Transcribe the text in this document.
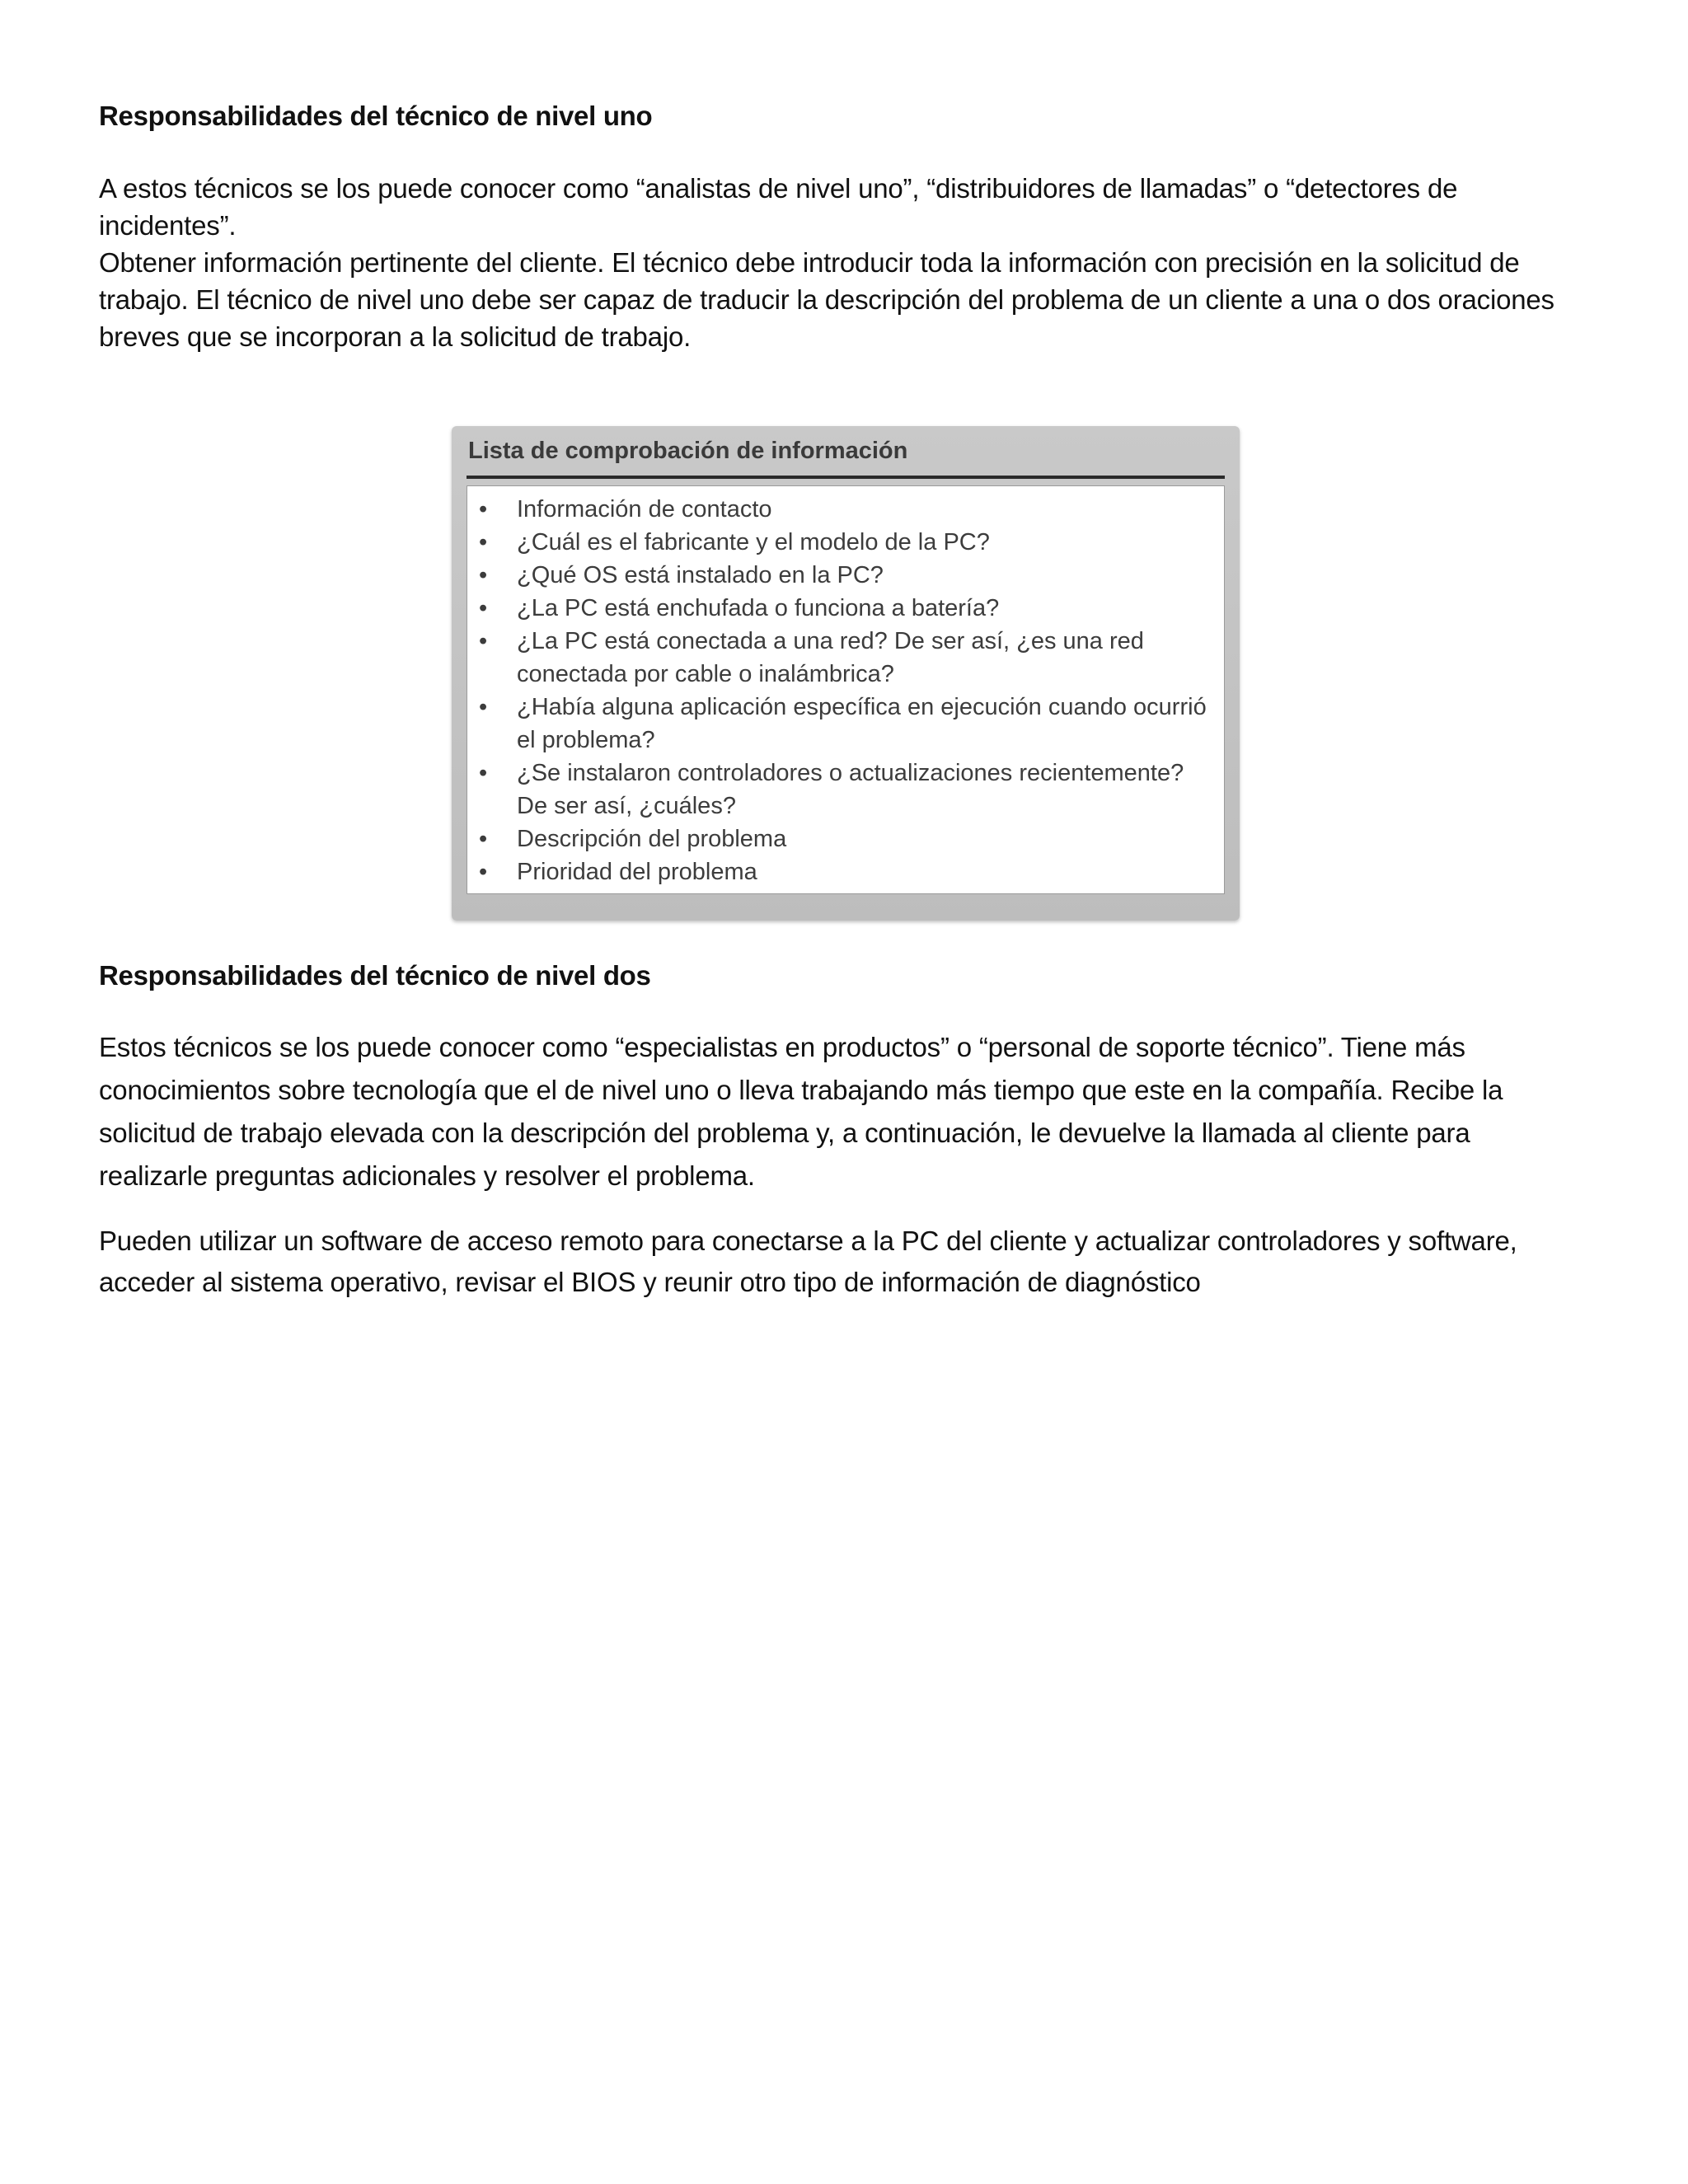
Responsabilidades del técnico de nivel uno

A estos técnicos se los puede conocer como “analistas de nivel uno”, “distribuidores de llamadas” o “detectores de incidentes”.

Obtener información pertinente del cliente. El técnico debe introducir toda la información con precisión en la solicitud de trabajo. El técnico de nivel uno debe ser capaz de traducir la descripción del problema de un cliente a una o dos oraciones breves que se incorporan a la solicitud de trabajo.

Lista de comprobación de información
• Información de contacto
• ¿Cuál es el fabricante y el modelo de la PC?
• ¿Qué OS está instalado en la PC?
• ¿La PC está enchufada o funciona a batería?
• ¿La PC está conectada a una red? De ser así, ¿es una red conectada por cable o inalámbrica?
• ¿Había alguna aplicación específica en ejecución cuando ocurrió el problema?
• ¿Se instalaron controladores o actualizaciones recientemente? De ser así, ¿cuáles?
• Descripción del problema
• Prioridad del problema
Responsabilidades del técnico de nivel dos

Estos técnicos se los puede conocer como “especialistas en productos” o “personal de soporte técnico”. Tiene más conocimientos sobre tecnología que el de nivel uno o lleva trabajando más tiempo que este en la compañía. Recibe la solicitud de trabajo elevada con la descripción del problema y, a continuación, le devuelve la llamada al cliente para realizarle preguntas adicionales y resolver el problema.

Pueden utilizar un software de acceso remoto para conectarse a la PC del cliente y actualizar controladores y software, acceder al sistema operativo, revisar el BIOS y reunir otro tipo de información de diagnóstico
